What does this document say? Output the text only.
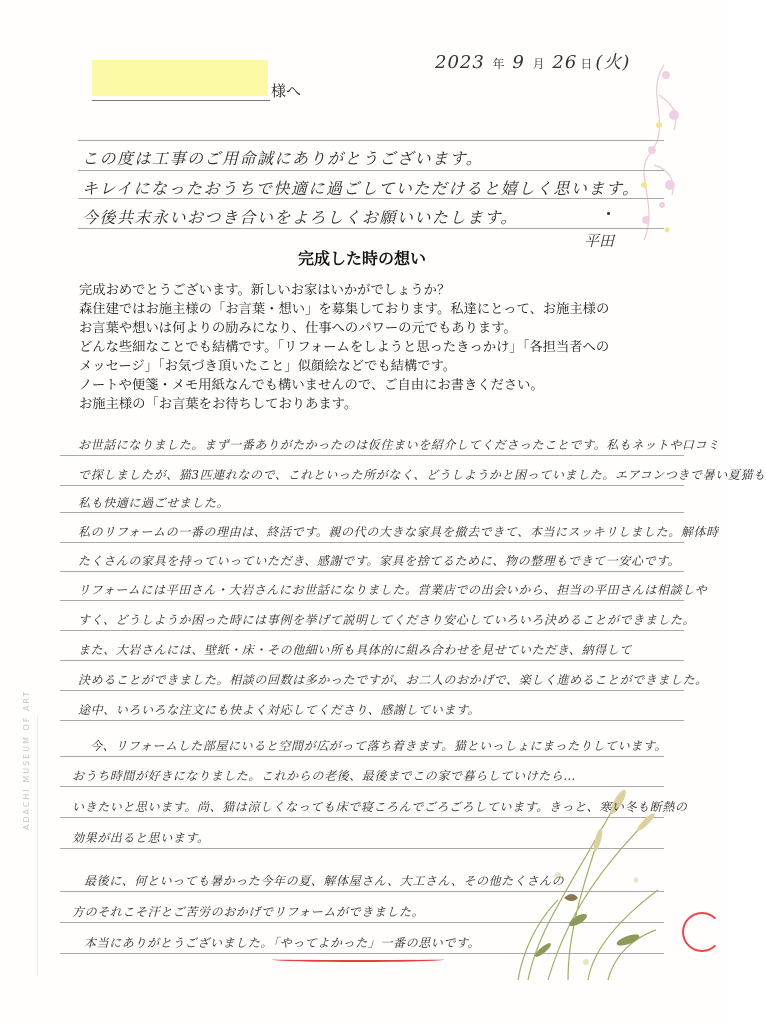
2023 年 9 月 26 日 (火)
様へ
この度は工事のご用命誠にありがとうございます。
キレイになったおうちで快適に過ごしていただけると嬉しく思います。
今後共末永いおつき合いをよろしくお願いいたします。
平田
完成した時の想い
完成おめでとうございます。新しいお家はいかがでしょうか？
森住建ではお施主様の「お言葉・想い」を募集しております。私達にとって、お施主様の
お言葉や想いは何よりの励みになり、仕事へのパワーの元でもあります。
どんな些細なことでも結構です。「リフォームをしようと思ったきっかけ」「各担当者への
メッセージ」「お気づき頂いたこと」似顔絵などでも結構です。
ノートや便箋・メモ用紙なんでも構いませんので、ご自由にお書きください。
お施主様の「お言葉をお待ちしておりあます。
ADACHI MUSEUM OF ART
お世話になりました。まず一番ありがたかったのは仮住まいを紹介してくださったことです。私もネットや口コミ
で探しましたが、猫3匹連れなので、これといった所がなく、どうしようかと困っていました。エアコンつきで暑い夏猫も
私も快適に過ごせました。
私のリフォームの一番の理由は、終活です。親の代の大きな家具を撤去できて、本当にスッキリしました。解体時
たくさんの家具を持っていっていただき、感謝です。家具を捨てるために、物の整理もできて一安心です。
リフォームには平田さん・大岩さんにお世話になりました。営業店での出会いから、担当の平田さんは相談しや
すく、どうしようか困った時には事例を挙げて説明してくださり安心していろいろ決めることができました。
また、大岩さんには、壁紙・床・その他細い所も具体的に組み合わせを見せていただき、納得して
決めることができました。相談の回数は多かったですが、お二人のおかげで、楽しく進めることができました。
途中、いろいろな注文にも快よく対応してくださり、感謝しています。
今、リフォームした部屋にいると空間が広がって落ち着きます。猫といっしょにまったりしています。
おうち時間が好きになりました。これからの老後、最後までこの家で暮らしていけたら…
いきたいと思います。尚、猫は涼しくなっても床で寝ころんでごろごろしています。きっと、寒い冬も断熱の
効果が出ると思います。
最後に、何といっても暑かった今年の夏、解体屋さん、大工さん、その他たくさんの
方のそれこそ汗とご苦労のおかげでリフォームができました。
本当にありがとうございました。「やってよかった」一番の思いです。
